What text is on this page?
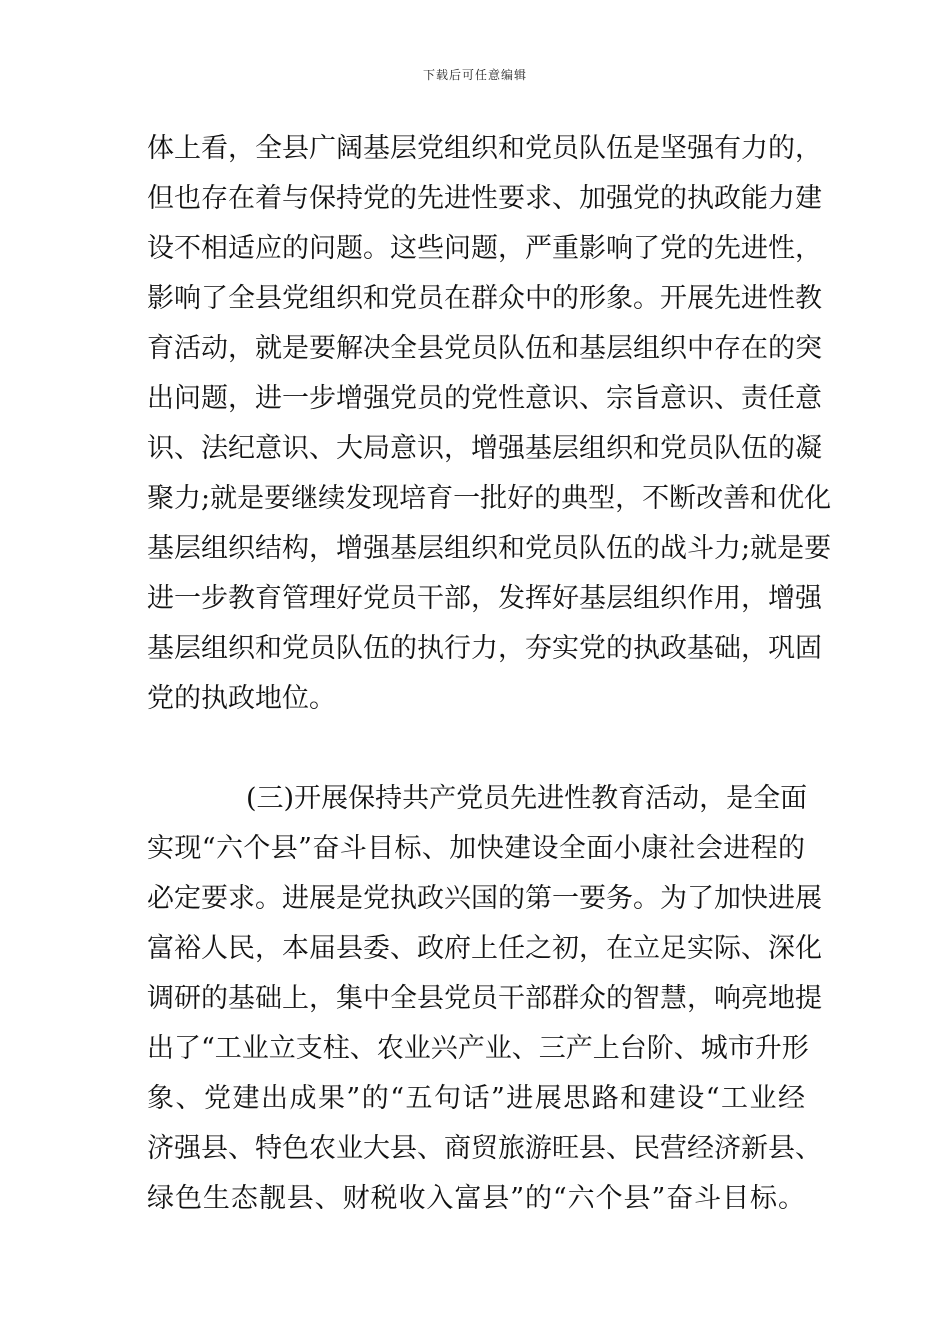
下载后可任意编辑
体上看，全县广阔基层党组织和党员队伍是坚强有力的，
但也存在着与保持党的先进性要求、加强党的执政能力建
设不相适应的问题。这些问题，严重影响了党的先进性，
影响了全县党组织和党员在群众中的形象。开展先进性教
育活动，就是要解决全县党员队伍和基层组织中存在的突
出问题，进一步增强党员的党性意识、宗旨意识、责任意
识、法纪意识、大局意识，增强基层组织和党员队伍的凝
聚力;就是要继续发现培育一批好的典型，不断改善和优化
基层组织结构，增强基层组织和党员队伍的战斗力;就是要
进一步教育管理好党员干部，发挥好基层组织作用，增强
基层组织和党员队伍的执行力，夯实党的执政基础，巩固
党的执政地位。
(三)开展保持共产党员先进性教育活动，是全面
实现“六个县”奋斗目标、加快建设全面小康社会进程的
必定要求。进展是党执政兴国的第一要务。为了加快进展
富裕人民，本届县委、政府上任之初，在立足实际、深化
调研的基础上，集中全县党员干部群众的智慧，响亮地提
出了“工业立支柱、农业兴产业、三产上台阶、城市升形
象、党建出成果”的“五句话”进展思路和建设“工业经
济强县、特色农业大县、商贸旅游旺县、民营经济新县、
绿色生态靓县、财税收入富县”的“六个县”奋斗目标。
